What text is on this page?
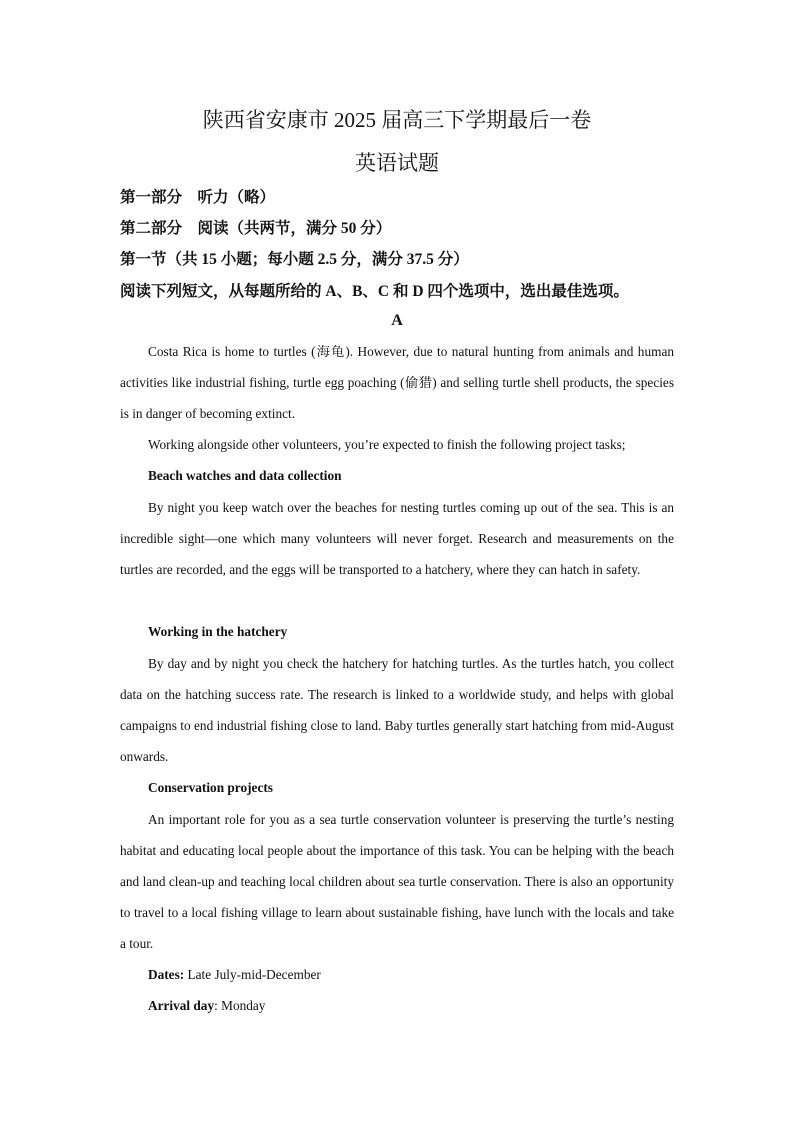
陕西省安康市 2025 届高三下学期最后一卷
英语试题
第一部分　听力（略）
第二部分　阅读（共两节，满分 50 分）
第一节（共 15 小题；每小题 2.5 分，满分 37.5 分）
阅读下列短文，从每题所给的 A、B、C 和 D 四个选项中，选出最佳选项。
A
Costa Rica is home to turtles (海龟). However, due to natural hunting from animals and human activities like industrial fishing, turtle egg poaching (偷猎) and selling turtle shell products, the species is in danger of becoming extinct.
Working alongside other volunteers, you’re expected to finish the following project tasks;
Beach watches and data collection
By night you keep watch over the beaches for nesting turtles coming up out of the sea. This is an incredible sight—one which many volunteers will never forget. Research and measurements on the turtles are recorded, and the eggs will be transported to a hatchery, where they can hatch in safety.
Working in the hatchery
By day and by night you check the hatchery for hatching turtles. As the turtles hatch, you collect data on the hatching success rate. The research is linked to a worldwide study, and helps with global campaigns to end industrial fishing close to land. Baby turtles generally start hatching from mid-August onwards.
Conservation projects
An important role for you as a sea turtle conservation volunteer is preserving the turtle’s nesting habitat and educating local people about the importance of this task. You can be helping with the beach and land clean-up and teaching local children about sea turtle conservation. There is also an opportunity to travel to a local fishing village to learn about sustainable fishing, have lunch with the locals and take a tour.
Dates: Late July-mid-December
Arrival day: Monday
